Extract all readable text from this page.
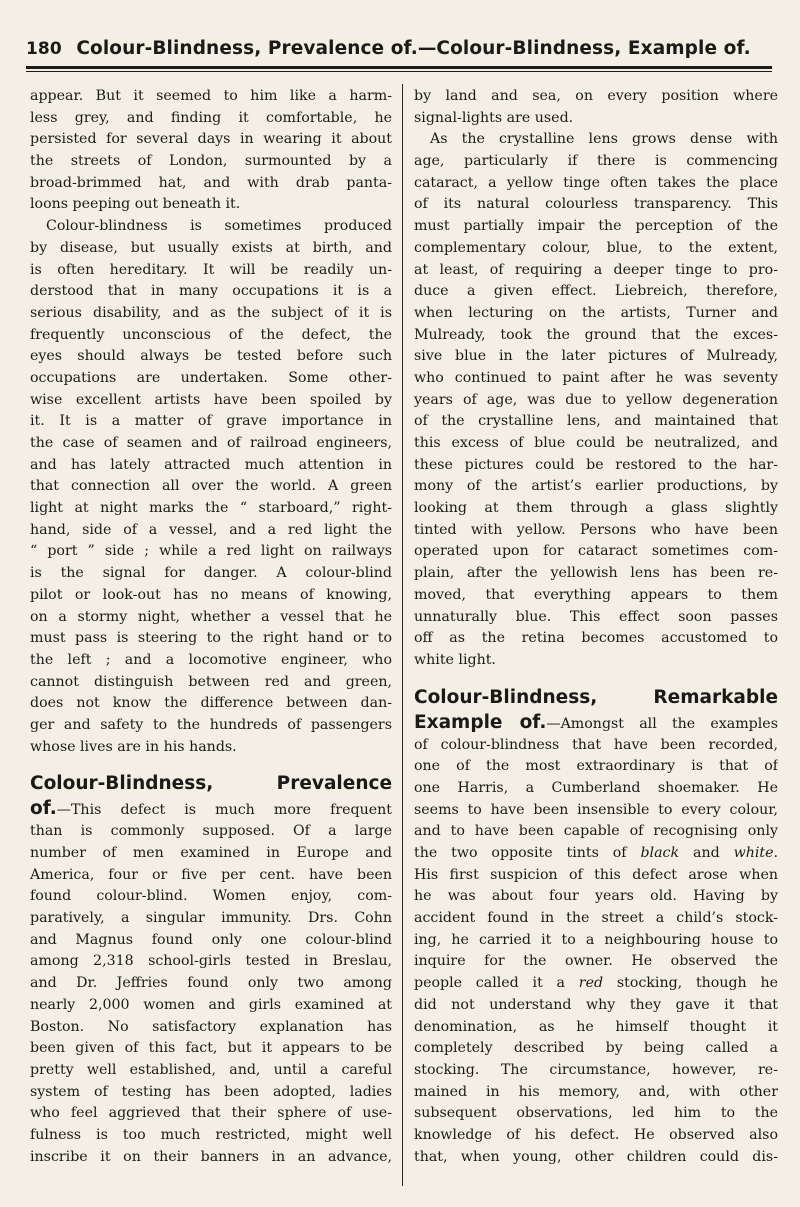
180 Colour-Blindness, Prevalence of.—Colour-Blindness, Example of.
appear. But it seemed to him like a harm-
less grey, and finding it comfortable, he
persisted for several days in wearing it about
the streets of London, surmounted by a
broad-brimmed hat, and with drab panta-
loons peeping out beneath it.
Colour-blindness is sometimes produced
by disease, but usually exists at birth, and
is often hereditary. It will be readily un-
derstood that in many occupations it is a
serious disability, and as the subject of it is
frequently unconscious of the defect, the
eyes should always be tested before such
occupations are undertaken. Some other-
wise excellent artists have been spoiled by
it. It is a matter of grave importance in
the case of seamen and of railroad engineers,
and has lately attracted much attention in
that connection all over the world. A green
light at night marks the “ starboard,” right-
hand, side of a vessel, and a red light the
“ port ” side ; while a red light on railways
is the signal for danger. A colour-blind
pilot or look-out has no means of knowing,
on a stormy night, whether a vessel that he
must pass is steering to the right hand or to
the left ; and a locomotive engineer, who
cannot distinguish between red and green,
does not know the difference between dan-
ger and safety to the hundreds of passengers
whose lives are in his hands.
Colour-Blindness, Prevalence
of.—This defect is much more frequent
than is commonly supposed. Of a large
number of men examined in Europe and
America, four or five per cent. have been
found colour-blind. Women enjoy, com-
paratively, a singular immunity. Drs. Cohn
and Magnus found only one colour-blind
among 2,318 school-girls tested in Breslau,
and Dr. Jeffries found only two among
nearly 2,000 women and girls examined at
Boston. No satisfactory explanation has
been given of this fact, but it appears to be
pretty well established, and, until a careful
system of testing has been adopted, ladies
who feel aggrieved that their sphere of use-
fulness is too much restricted, might well
inscribe it on their banners in an advance,
by land and sea, on every position where
signal-lights are used.
As the crystalline lens grows dense with
age, particularly if there is commencing
cataract, a yellow tinge often takes the place
of its natural colourless transparency. This
must partially impair the perception of the
complementary colour, blue, to the extent,
at least, of requiring a deeper tinge to pro-
duce a given effect. Liebreich, therefore,
when lecturing on the artists, Turner and
Mulready, took the ground that the exces-
sive blue in the later pictures of Mulready,
who continued to paint after he was seventy
years of age, was due to yellow degeneration
of the crystalline lens, and maintained that
this excess of blue could be neutralized, and
these pictures could be restored to the har-
mony of the artist’s earlier productions, by
looking at them through a glass slightly
tinted with yellow. Persons who have been
operated upon for cataract sometimes com-
plain, after the yellowish lens has been re-
moved, that everything appears to them
unnaturally blue. This effect soon passes
off as the retina becomes accustomed to
white light.
Colour-Blindness, Remarkable
Example of.—Amongst all the examples
of colour-blindness that have been recorded,
one of the most extraordinary is that of
one Harris, a Cumberland shoemaker. He
seems to have been insensible to every colour,
and to have been capable of recognising only
the two opposite tints of black and white.
His first suspicion of this defect arose when
he was about four years old. Having by
accident found in the street a child’s stock-
ing, he carried it to a neighbouring house to
inquire for the owner. He observed the
people called it a red stocking, though he
did not understand why they gave it that
denomination, as he himself thought it
completely described by being called a
stocking. The circumstance, however, re-
mained in his memory, and, with other
subsequent observations, led him to the
knowledge of his defect. He observed also
that, when young, other children could dis-
